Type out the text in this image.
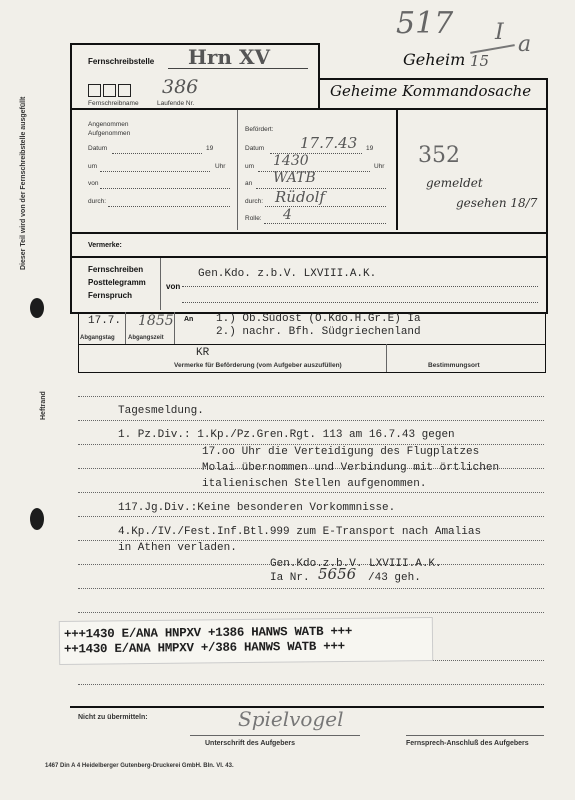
517 I
15
a
Fernschreibstelle Hrn XV
386
Fernschreibname	Laufende Nr.
Geheim
Geheime Kommandosache
Angenommen
Aufgenommen
Datum	19
um	Uhr
von
durch:
Befördert:
Datum 17.7.43 19
um 1430	Uhr
an WATB
durch: Rüdolf
Rolle: 4
352
gemeldet
gesehen 18/7
Vermerke:
Fernschreiben
Posttelegramm
Fernspruch
von
Gen.Kdo. z.b.V. LXVIII.A.K.
17.7. 1855
Abgangstag Abgangszeit
An 1.) Ob.Südost (O.Kdo.H.Gr.E) Ia
2.) nachr. Bfh. Südgriechenland
KR
Vermerke für Beförderung (vom Aufgeber auszufüllen)	Bestimmungsort
Dieser Teil wird von der Fernschreibstelle ausgefüllt
Heftrand	Tagesmeldung.
1. Pz.Div.: 1.Kp./Pz.Gren.Rgt. 113 am 16.7.43 gegen
17.oo Uhr die Verteidigung des Flugplatzes
Molai übernommen und Verbindung mit örtlichen
italienischen Stellen aufgenommen.
117.Jg.Div.:Keine besonderen Vorkommnisse.
4.Kp./IV./Fest.Inf.Btl.999 zum E-Transport nach Amalias
in Athen verladen.
Gen.Kdo.z.b.V. LXVIII.A.K.
Ia Nr. 5656 /43 geh.
+++1430 E/ANA HNPXV +1386 HANWS WATB +++
++1430 E/ANA HMPXV +/386 HANWS WATB +++
Nicht zu übermitteln:	Spielvogel
Unterschrift des Aufgebers	Fernsprech-Anschluß des Aufgebers
1467 Din A 4 Heidelberger Gutenberg-Druckerei GmbH. Bln. VI. 43.
